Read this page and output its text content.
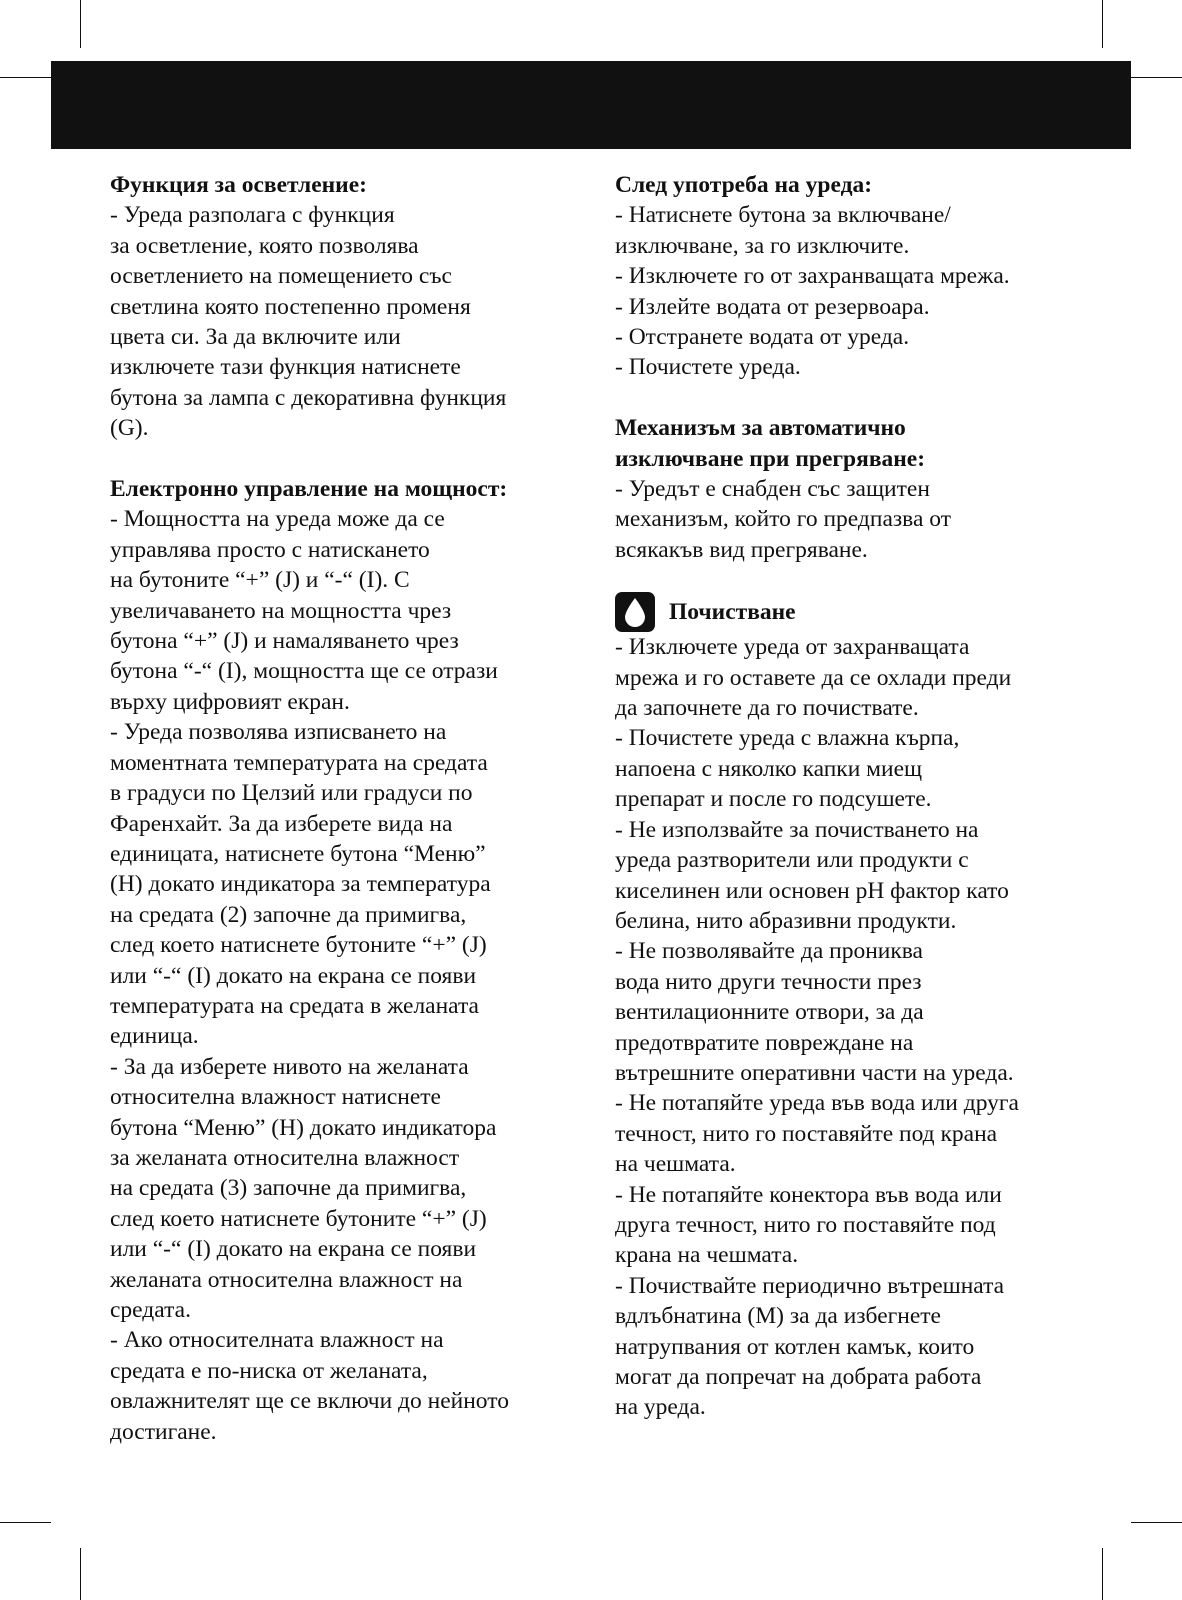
Функция за осветление:

- Уреда разполага с функция

за осветление, която позволява

осветлението на помещението със

светлина която постепенно променя

цвета си. За да включите или

изключете тази функция натиснете

бутона за лампа с декоративна функция

(G).

Електронно управление на мощност:

- Мощността на уреда може да се

управлява просто с натискането

на бутоните “+” (J) и “-“ (I). С

увеличаването на мощността чрез

бутона “+” (J) и намаляването чрез

бутона “-“ (I), мощността ще се отрази

върху цифровият екран.

- Уреда позволява изписването на

моментната температурата на средата

в градуси по Целзий или градуси по

Фаренхайт. За да изберете вида на

единицата, натиснете бутона “Меню”

(H) докато индикатора за температура

на средата (2) започне да примигва,

след което натиснете бутоните “+” (J)

или “-“ (I) докато на екрана се появи

температурата на средата в желаната

единица.

- За да изберете нивото на желаната

относителна влажност натиснете

бутона “Меню” (H) докато индикатора

за желаната относителна влажност

на средата (3) започне да примигва,

след което натиснете бутоните “+” (J)

или “-“ (I) докато на екрана се появи

желаната относителна влажност на

средата.

- Ако относителната влажност на

средата е по-ниска от желаната,

овлажнителят ще се включи до нейното

достигане.

След употреба на уреда:

- Натиснете бутона за включване/

изключване, за го изключите.

- Изключете го от захранващата мрежа.

- Излейте водата от резервоара.

- Отстранете водата от уреда.

- Почистете уреда.

Механизъм за автоматично

изключване при прегряване:

- Уредът е снабден със защитен

механизъм, който го предпазва от

всякакъв вид прегряване.

Почистване

- Изключете уреда от захранващата

мрежа и го оставете да се охлади преди

да започнете да го почиствате.

- Почистете уреда с влажна кърпа,

напоена с няколко капки миещ

препарат и после го подсушете.

- Не използвайте за почистването на

уреда разтворители или продукти с

киселинен или основен pH фактор като

белина, нито абразивни продукти.

- Не позволявайте да прониква

вода нито други течности през

вентилационните отвори, за да

предотвратите повреждане на

вътрешните оперативни части на уреда.

- Не потапяйте уреда във вода или друга

течност, нито го поставяйте под крана

на чешмата.

- Не потапяйте конектора във вода или

друга течност, нито го поставяйте под

крана на чешмата.

- Почиствайте периодично вътрешната

вдлъбнатина (M) за да избегнете

натрупвания от котлен камък, които

могат да попречат на добрата работа

на уреда.
